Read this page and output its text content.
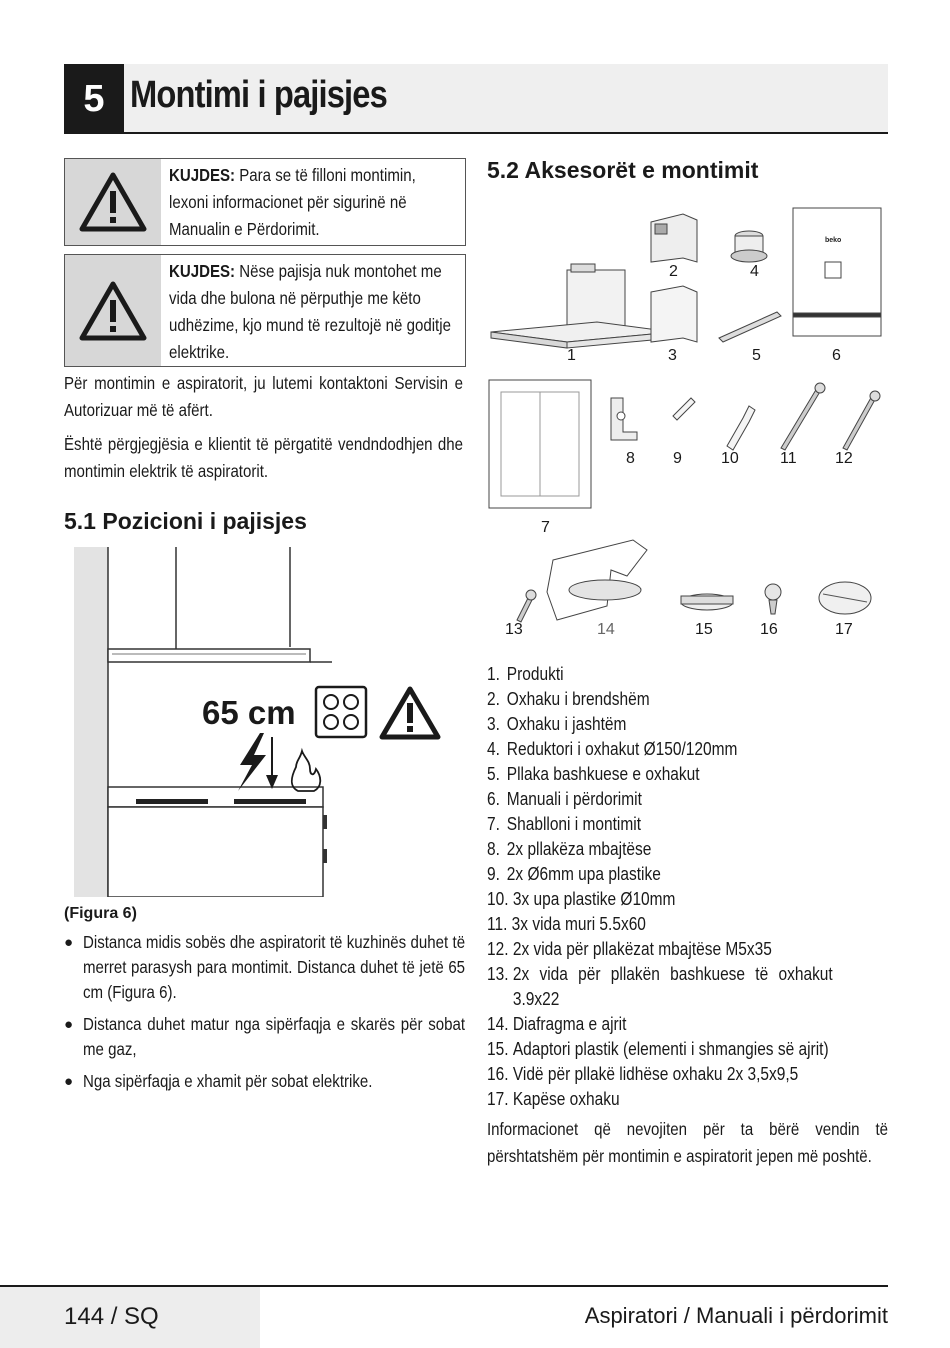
5 Montimi i pajisjes
KUJDES: Para se të filloni montimin, lexoni informacionet për sigurinë në Manualin e Përdorimit.
KUJDES: Nëse pajisja nuk montohet me vida dhe bulona në përputhje me këto udhëzime, kjo mund të rezultojë në goditje elektrike.
Për montimin e aspiratorit, ju lutemi kontaktoni Servisin e Autorizuar më të afërt.
Është përgjegjësia e klientit të përgatitë vendndodhjen dhe montimin elektrik të aspiratorit.
5.1 Pozicioni i pajisjes
65 cm
(Figura 6)
● Distanca midis sobës dhe aspiratorit të kuzhinës duhet të merret parasysh para montimit. Distanca duhet të jetë 65 cm (Figura 6).
● Distanca duhet matur nga sipërfaqja e skarës për sobat me gaz,
● Nga sipërfaqja e xhamit për sobat elektrike.
5.2 Aksesorët e montimit
beko
1
2
3
4
5	6
7
8 9 10	11 12
13	14	15	16	17
1.
Produkti
2.
Oxhaku i brendshëm
3.
Oxhaku i jashtëm
4.
Reduktori i oxhakut Ø150/120mm
5.
Pllaka bashkuese e oxhakut
6.
Manuali i përdorimit
7.
Shablloni i montimit
8.
2x pllakëza mbajtëse
9.
2x Ø6mm upa plastike
10.
3x upa plastike Ø10mm
11.
3x vida muri 5.5x60
12.
2x vida për pllakëzat mbajtëse M5x35
13.
2x vida për pllakën bashkuese të oxhakut 3.9x22
14.
Diafragma e ajrit
15.
Adaptori plastik (elementi i shmangies së ajrit)
16.
Vidë për pllakë lidhëse oxhaku 2x 3,5x9,5
17.
Kapëse oxhaku
Informacionet që nevojiten për ta bërë vendin të përshtatshëm për montimin e aspiratorit jepen më poshtë.
144 / SQ	Aspiratori / Manuali i përdorimit
